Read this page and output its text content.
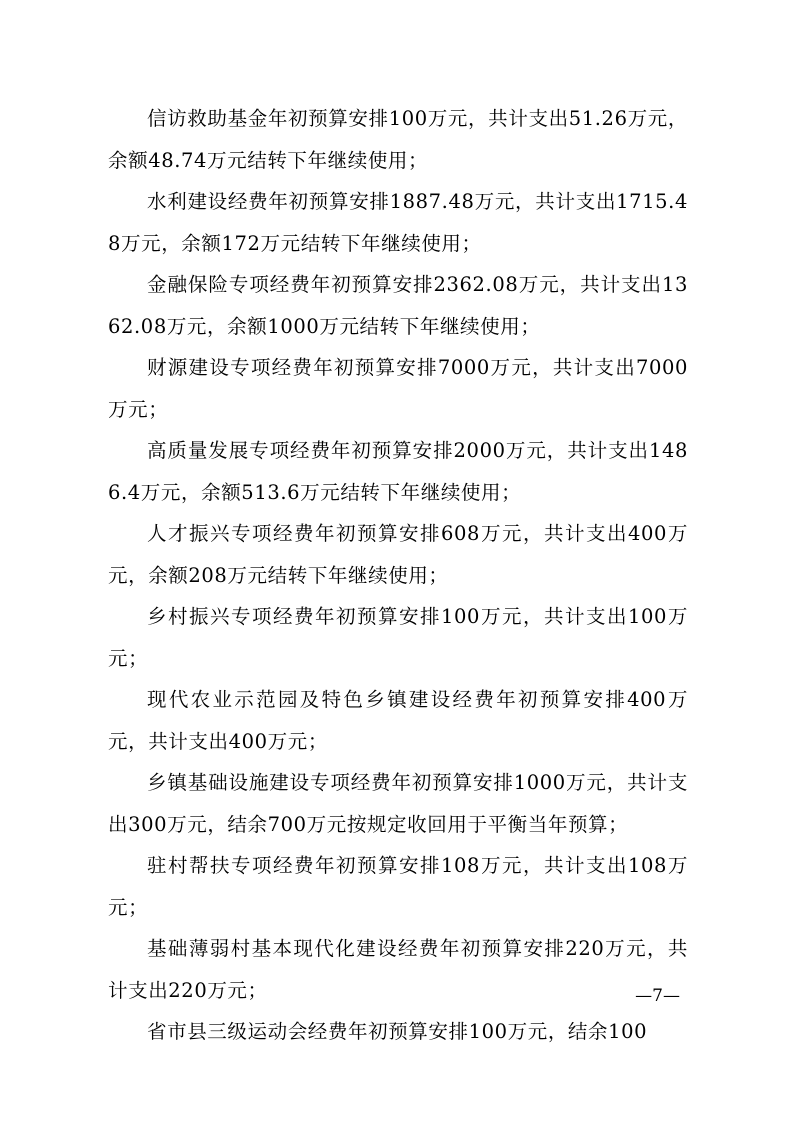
信访救助基金年初预算安排100万元，共计支出51.26万元，余额48.74万元结转下年继续使用；

水利建设经费年初预算安排1887.48万元，共计支出1715.48万元，余额172万元结转下年继续使用；

金融保险专项经费年初预算安排2362.08万元，共计支出1362.08万元，余额1000万元结转下年继续使用；

财源建设专项经费年初预算安排7000万元，共计支出7000万元；

高质量发展专项经费年初预算安排2000万元，共计支出1486.4万元，余额513.6万元结转下年继续使用；

人才振兴专项经费年初预算安排608万元，共计支出400万元，余额208万元结转下年继续使用；

乡村振兴专项经费年初预算安排100万元，共计支出100万元；

现代农业示范园及特色乡镇建设经费年初预算安排400万元，共计支出400万元；

乡镇基础设施建设专项经费年初预算安排1000万元，共计支出300万元，结余700万元按规定收回用于平衡当年预算；

驻村帮扶专项经费年初预算安排108万元，共计支出108万元；

基础薄弱村基本现代化建设经费年初预算安排220万元，共计支出220万元；

省市县三级运动会经费年初预算安排100万元，结余100

—7—
